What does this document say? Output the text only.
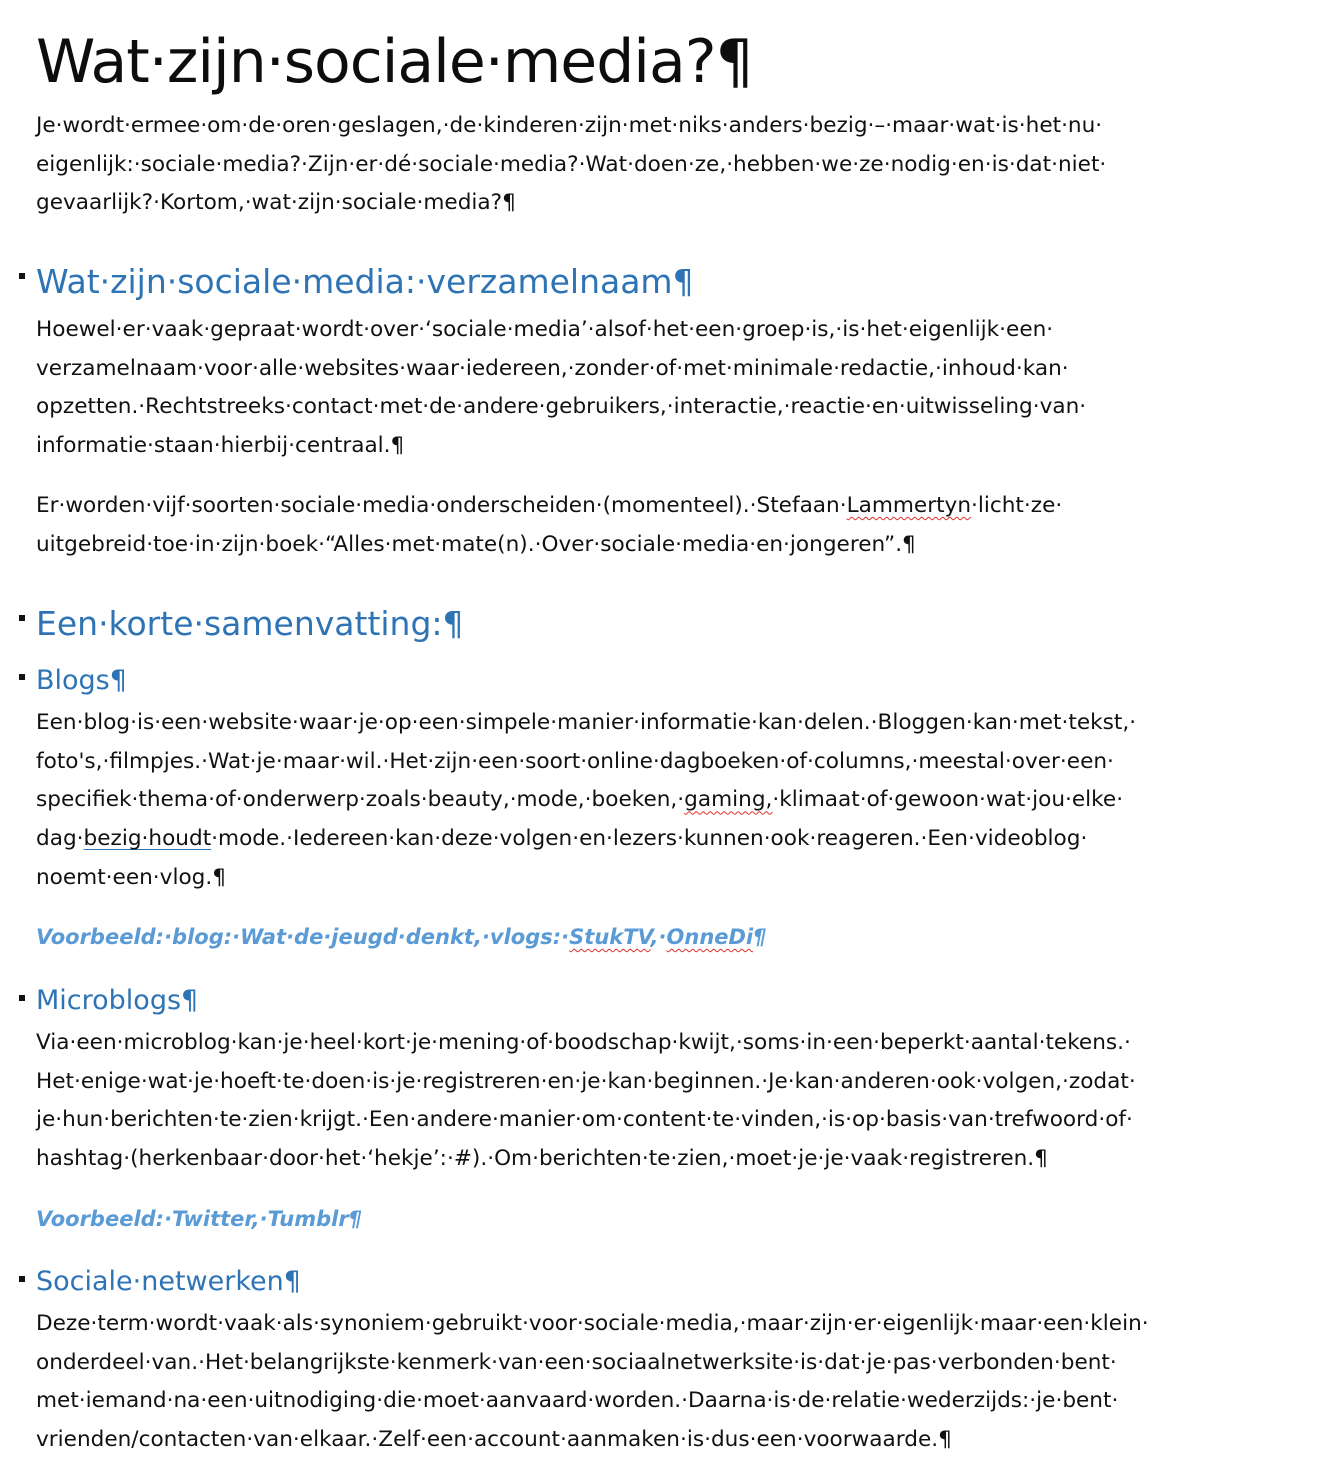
Wat·zijn·sociale·media?¶

Je·wordt·ermee·om·de·oren·geslagen,·de·kinderen·zijn·met·niks·anders·bezig·–·maar·wat·is·het·nu·
eigenlijk:·sociale·media?·Zijn·er·dé·sociale·media?·Wat·doen·ze,·hebben·we·ze·nodig·en·is·dat·niet·
gevaarlijk?·Kortom,·wat·zijn·sociale·media?¶

Wat·zijn·sociale·media:·verzamelnaam¶

Hoewel·er·vaak·gepraat·wordt·over·‘sociale·media’·alsof·het·een·groep·is,·is·het·eigenlijk·een·
verzamelnaam·voor·alle·websites·waar·iedereen,·zonder·of·met·minimale·redactie,·inhoud·kan·
opzetten.·Rechtstreeks·contact·met·de·andere·gebruikers,·interactie,·reactie·en·uitwisseling·van·
informatie·staan·hierbij·centraal.¶

Er·worden·vijf·soorten·sociale·media·onderscheiden·(momenteel).·Stefaan·Lammertyn·licht·ze·
uitgebreid·toe·in·zijn·boek·“Alles·met·mate(n).·Over·sociale·media·en·jongeren”.¶

Een·korte·samenvatting:¶
Blogs¶

Een·blog·is·een·website·waar·je·op·een·simpele·manier·informatie·kan·delen.·Bloggen·kan·met·tekst,·
foto's,·filmpjes.·Wat·je·maar·wil.·Het·zijn·een·soort·online·dagboeken·of·columns,·meestal·over·een·
specifiek·thema·of·onderwerp·zoals·beauty,·mode,·boeken,·gaming,·klimaat·of·gewoon·wat·jou·elke·
dag·bezig·houdt·mode.·Iedereen·kan·deze·volgen·en·lezers·kunnen·ook·reageren.·Een·videoblog·
noemt·een·vlog.¶

Voorbeeld:·blog:·Wat·de·jeugd·denkt,·vlogs:·StukTV,·OnneDi¶

Microblogs¶

Via·een·microblog·kan·je·heel·kort·je·mening·of·boodschap·kwijt,·soms·in·een·beperkt·aantal·tekens.·
Het·enige·wat·je·hoeft·te·doen·is·je·registreren·en·je·kan·beginnen.·Je·kan·anderen·ook·volgen,·zodat·
je·hun·berichten·te·zien·krijgt.·Een·andere·manier·om·content·te·vinden,·is·op·basis·van·trefwoord·of·
hashtag·(herkenbaar·door·het·‘hekje’:·#).·Om·berichten·te·zien,·moet·je·je·vaak·registreren.¶

Voorbeeld:·Twitter,·Tumblr¶

Sociale·netwerken¶

Deze·term·wordt·vaak·als·synoniem·gebruikt·voor·sociale·media,·maar·zijn·er·eigenlijk·maar·een·klein·
onderdeel·van.·Het·belangrijkste·kenmerk·van·een·sociaalnetwerksite·is·dat·je·pas·verbonden·bent·
met·iemand·na·een·uitnodiging·die·moet·aanvaard·worden.·Daarna·is·de·relatie·wederzijds:·je·bent·
vrienden/contacten·van·elkaar.·Zelf·een·account·aanmaken·is·dus·een·voorwaarde.¶
